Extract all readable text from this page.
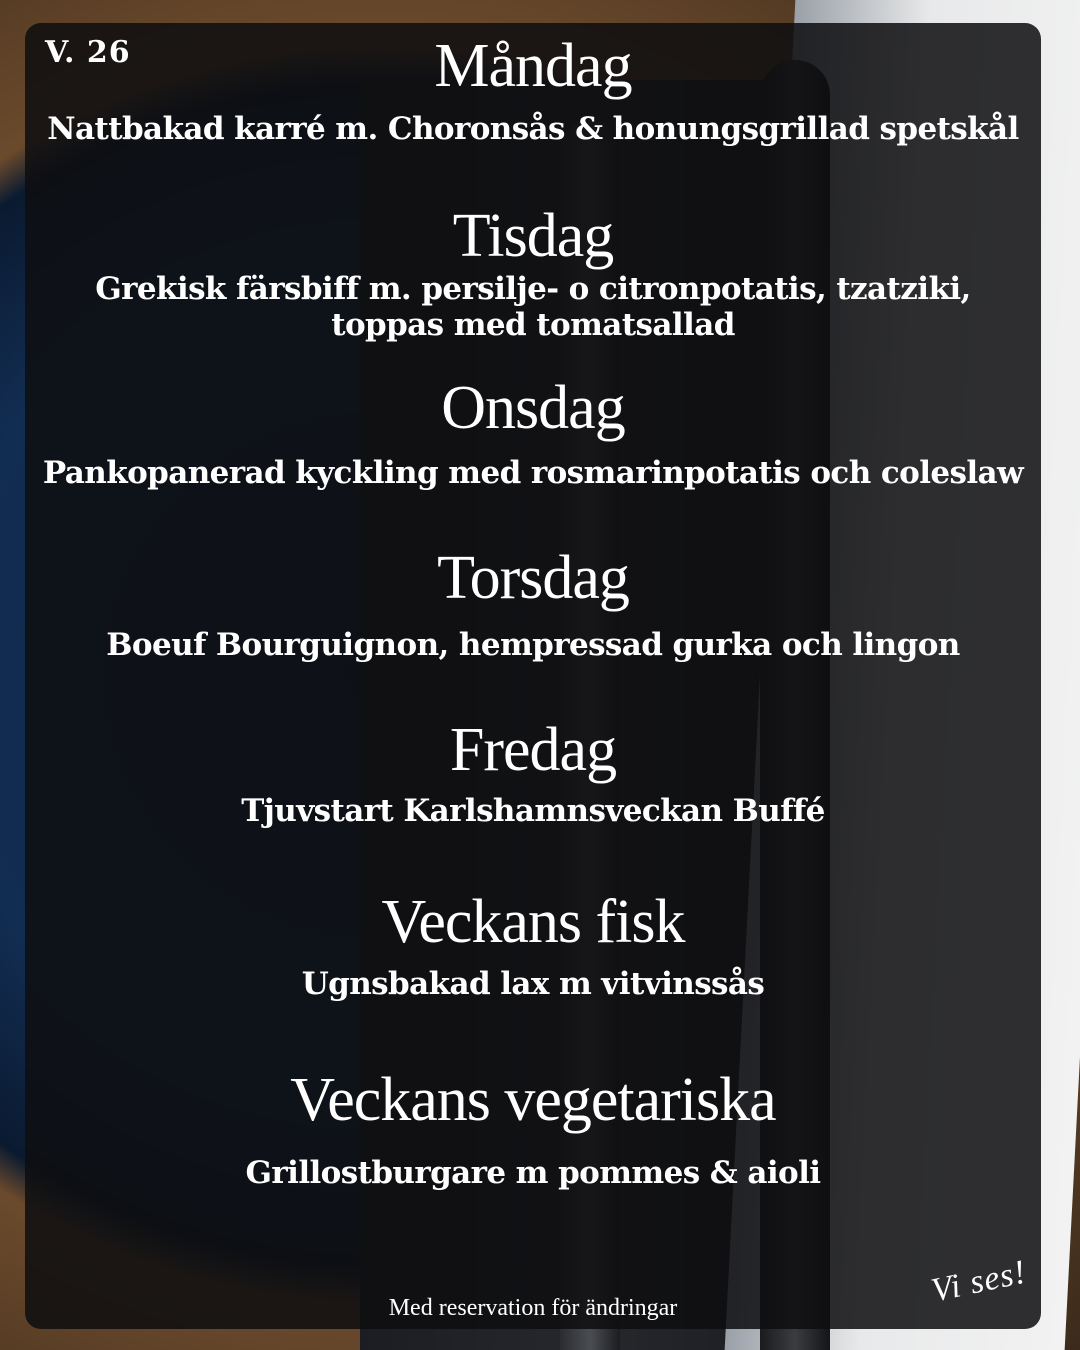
V. 26	Måndag
Nattbakad karré m. Choronsås & honungsgrillad spetskål
Tisdag
Grekisk färsbiff m. persilje- o citronpotatis, tzatziki,
toppas med tomatsallad
Onsdag
Pankopanerad kyckling med rosmarinpotatis och coleslaw
Torsdag
Boeuf Bourguignon, hempressad gurka och lingon
Fredag
Tjuvstart Karlshamnsveckan Buffé
Veckans fisk
Ugnsbakad lax m vitvinssås
Veckans vegetariska
Grillostburgare m pommes & aioli
Med reservation för ändringar	Vi ses!
